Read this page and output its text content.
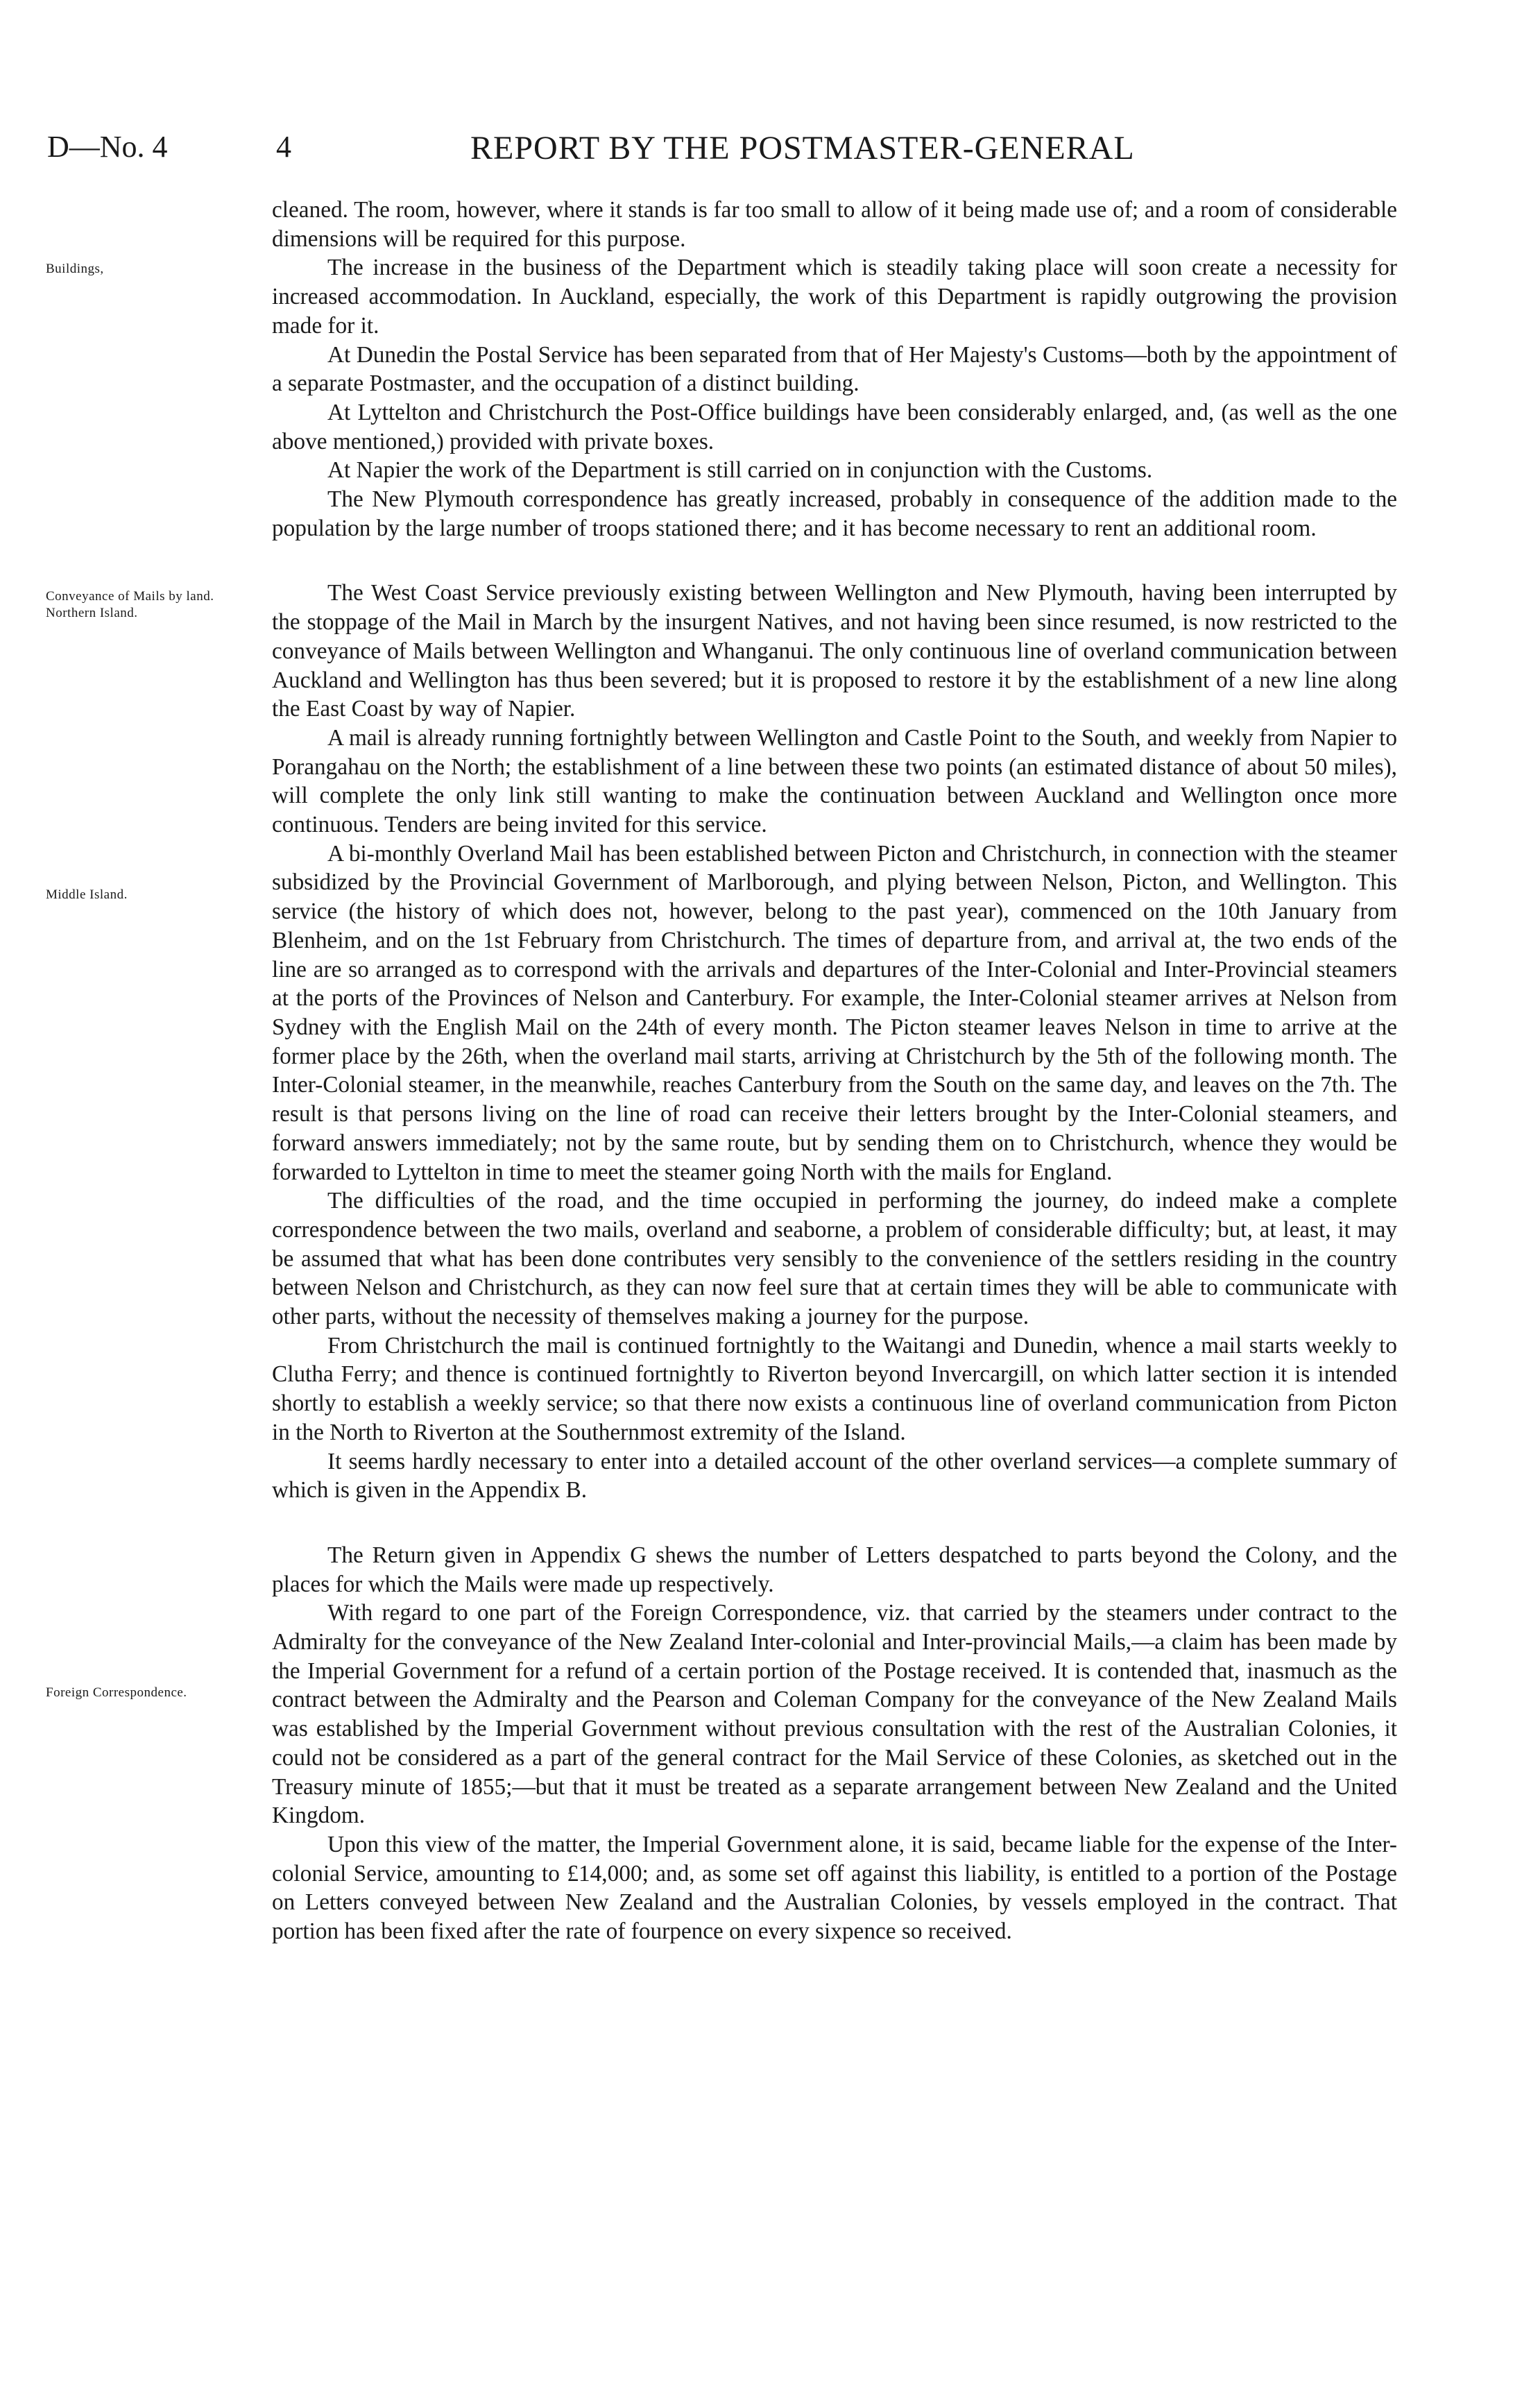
D—No. 4	4	REPORT BY THE POSTMASTER-GENERAL
Buildings,
Conveyance of Mails by land. Northern Island.
Middle Island.
Foreign Correspondence.

cleaned. The room, however, where it stands is far too small to allow of it being made use of; and a room of considerable dimensions will be required for this purpose.

The increase in the business of the Department which is steadily taking place will soon create a necessity for increased accommodation. In Auckland, especially, the work of this Department is rapidly outgrowing the provision made for it.

At Dunedin the Postal Service has been separated from that of Her Majesty's Customs—both by the appointment of a separate Postmaster, and the occupation of a distinct building.

At Lyttelton and Christchurch the Post-Office buildings have been considerably enlarged, and, (as well as the one above mentioned,) provided with private boxes.

At Napier the work of the Department is still carried on in conjunction with the Customs.

The New Plymouth correspondence has greatly increased, probably in consequence of the addition made to the population by the large number of troops stationed there; and it has become necessary to rent an additional room.

The West Coast Service previously existing between Wellington and New Plymouth, having been interrupted by the stoppage of the Mail in March by the insurgent Natives, and not having been since resumed, is now restricted to the conveyance of Mails between Wellington and Whanganui. The only continuous line of overland communication between Auckland and Wellington has thus been severed; but it is proposed to restore it by the establishment of a new line along the East Coast by way of Napier.

A mail is already running fortnightly between Wellington and Castle Point to the South, and weekly from Napier to Porangahau on the North; the establishment of a line between these two points (an estimated distance of about 50 miles), will complete the only link still wanting to make the continuation between Auckland and Wellington once more continuous. Tenders are being invited for this service.

A bi-monthly Overland Mail has been established between Picton and Christchurch, in connection with the steamer subsidized by the Provincial Government of Marlborough, and plying between Nelson, Picton, and Wellington. This service (the history of which does not, however, belong to the past year), commenced on the 10th January from Blenheim, and on the 1st February from Christchurch. The times of departure from, and arrival at, the two ends of the line are so arranged as to correspond with the arrivals and departures of the Inter-Colonial and Inter-Provincial steamers at the ports of the Provinces of Nelson and Canterbury. For example, the Inter-Colonial steamer arrives at Nelson from Sydney with the English Mail on the 24th of every month. The Picton steamer leaves Nelson in time to arrive at the former place by the 26th, when the overland mail starts, arriving at Christchurch by the 5th of the following month. The Inter-Colonial steamer, in the meanwhile, reaches Canterbury from the South on the same day, and leaves on the 7th. The result is that persons living on the line of road can receive their letters brought by the Inter-Colonial steamers, and forward answers immediately; not by the same route, but by sending them on to Christchurch, whence they would be forwarded to Lyttelton in time to meet the steamer going North with the mails for England.

The difficulties of the road, and the time occupied in performing the journey, do indeed make a complete correspondence between the two mails, overland and seaborne, a problem of considerable difficulty; but, at least, it may be assumed that what has been done contributes very sensibly to the convenience of the settlers residing in the country between Nelson and Christchurch, as they can now feel sure that at certain times they will be able to communicate with other parts, without the necessity of themselves making a journey for the purpose.

From Christchurch the mail is continued fortnightly to the Waitangi and Dunedin, whence a mail starts weekly to Clutha Ferry; and thence is continued fortnightly to Riverton beyond Invercargill, on which latter section it is intended shortly to establish a weekly service; so that there now exists a continuous line of overland communication from Picton in the North to Riverton at the Southernmost extremity of the Island.

It seems hardly necessary to enter into a detailed account of the other overland services—a complete summary of which is given in the Appendix B.

The Return given in Appendix G shews the number of Letters despatched to parts beyond the Colony, and the places for which the Mails were made up respectively.

With regard to one part of the Foreign Correspondence, viz. that carried by the steamers under contract to the Admiralty for the conveyance of the New Zealand Inter-colonial and Inter-provincial Mails,—a claim has been made by the Imperial Government for a refund of a certain portion of the Postage received. It is contended that, inasmuch as the contract between the Admiralty and the Pearson and Coleman Company for the conveyance of the New Zealand Mails was established by the Imperial Government without previous consultation with the rest of the Australian Colonies, it could not be considered as a part of the general contract for the Mail Service of these Colonies, as sketched out in the Treasury minute of 1855;—but that it must be treated as a separate arrangement between New Zealand and the United Kingdom.

Upon this view of the matter, the Imperial Government alone, it is said, became liable for the expense of the Inter-colonial Service, amounting to £14,000; and, as some set off against this liability, is entitled to a portion of the Postage on Letters conveyed between New Zealand and the Australian Colonies, by vessels employed in the contract. That portion has been fixed after the rate of fourpence on every sixpence so received.
